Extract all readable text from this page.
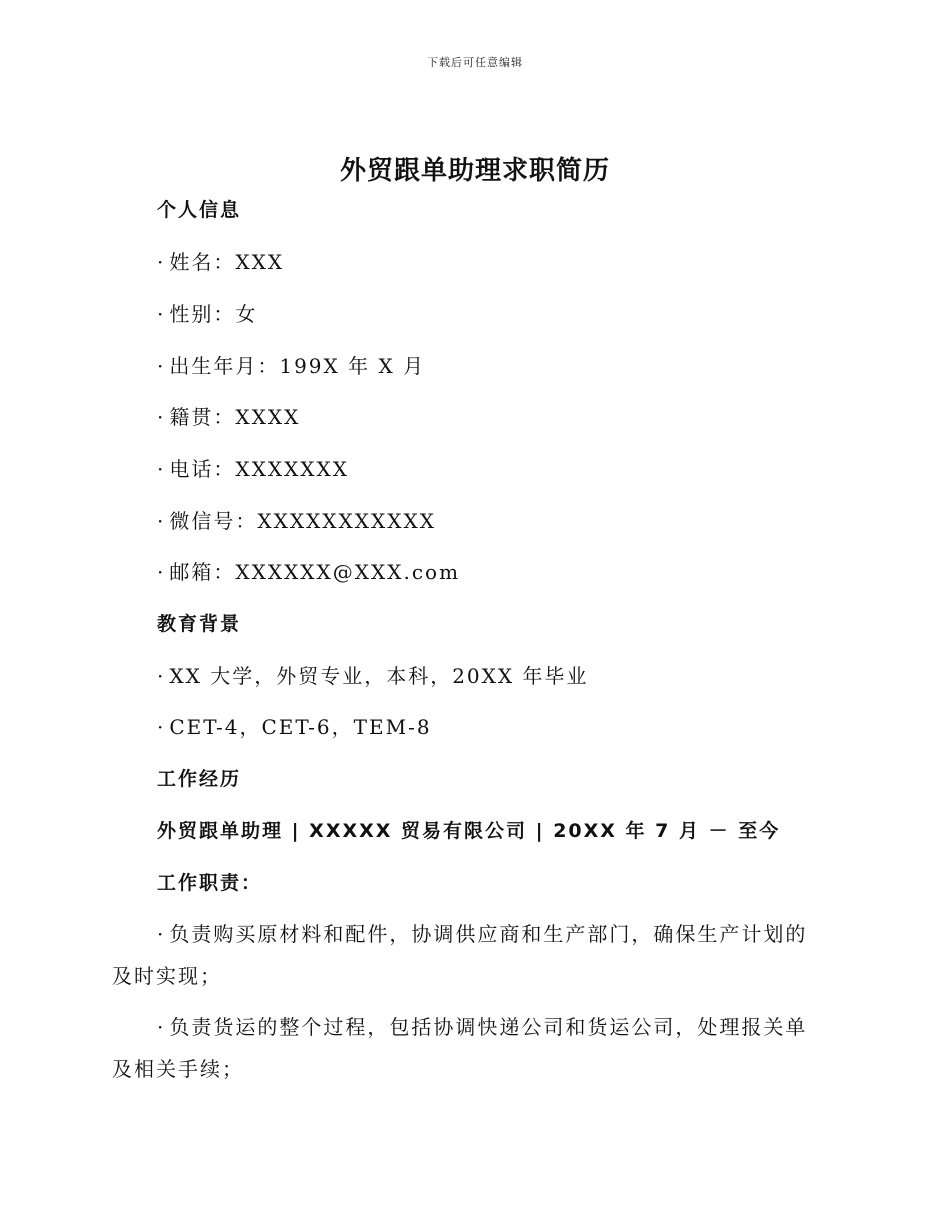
下载后可任意编辑
外贸跟单助理求职简历
个人信息
· 姓名：XXX
· 性别：女
· 出生年月：199X 年 X 月
· 籍贯：XXXX
· 电话：XXXXXXX
· 微信号：XXXXXXXXXXX
· 邮箱：XXXXXX@XXX.com
教育背景
· XX 大学，外贸专业，本科，20XX 年毕业
· CET-4，CET-6，TEM-8
工作经历
外贸跟单助理 | XXXXX 贸易有限公司 | 20XX 年 7 月 － 至今
工作职责：
· 负责购买原材料和配件，协调供应商和生产部门，确保生产计划的及时实现；
· 负责货运的整个过程，包括协调快递公司和货运公司，处理报关单及相关手续；
